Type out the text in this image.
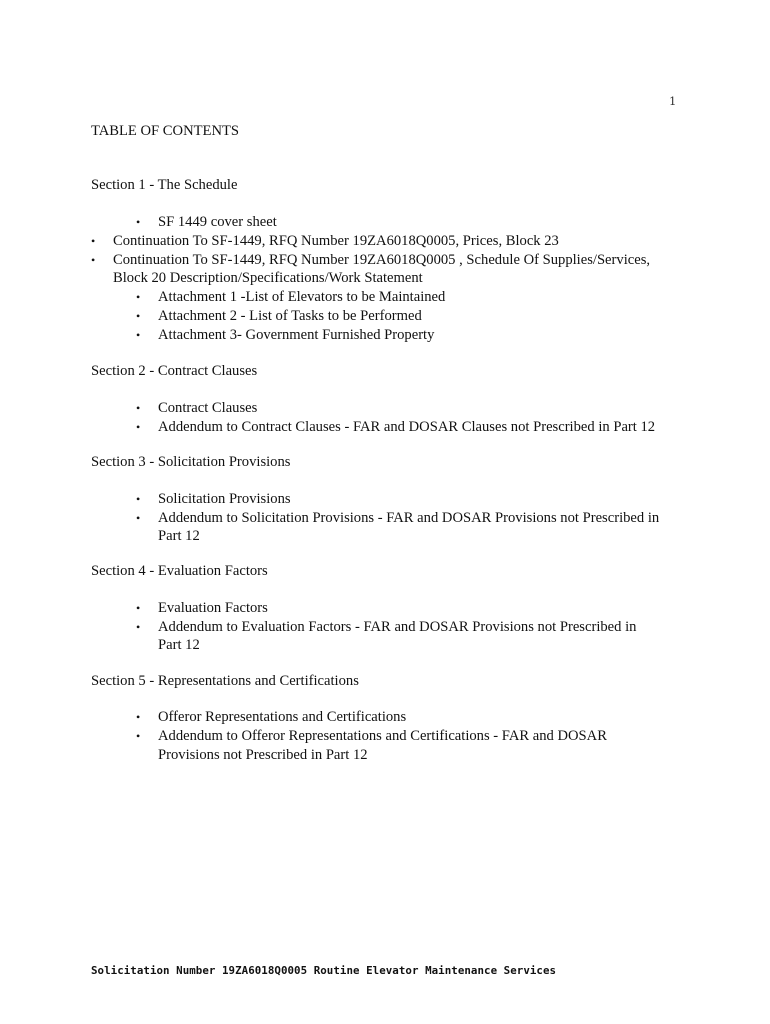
1
TABLE OF CONTENTS
Section 1 - The Schedule
• SF 1449 cover sheet
• Continuation To SF-1449, RFQ Number 19ZA6018Q0005, Prices, Block 23
• Continuation To SF-1449, RFQ Number 19ZA6018Q0005 , Schedule Of Supplies/Services,
Block 20 Description/Specifications/Work Statement
• Attachment 1 -List of Elevators to be Maintained
• Attachment 2 - List of Tasks to be Performed
• Attachment 3- Government Furnished Property
Section 2 - Contract Clauses
• Contract Clauses
• Addendum to Contract Clauses - FAR and DOSAR Clauses not Prescribed in Part 12
Section 3 - Solicitation Provisions
• Solicitation Provisions
• Addendum to Solicitation Provisions - FAR and DOSAR Provisions not Prescribed in
Part 12
Section 4 - Evaluation Factors
• Evaluation Factors
• Addendum to Evaluation Factors - FAR and DOSAR Provisions not Prescribed in
Part 12
Section 5 - Representations and Certifications
• Offeror Representations and Certifications
• Addendum to Offeror Representations and Certifications - FAR and DOSAR
Provisions not Prescribed in Part 12
Solicitation Number 19ZA6018Q0005 Routine Elevator Maintenance Services
